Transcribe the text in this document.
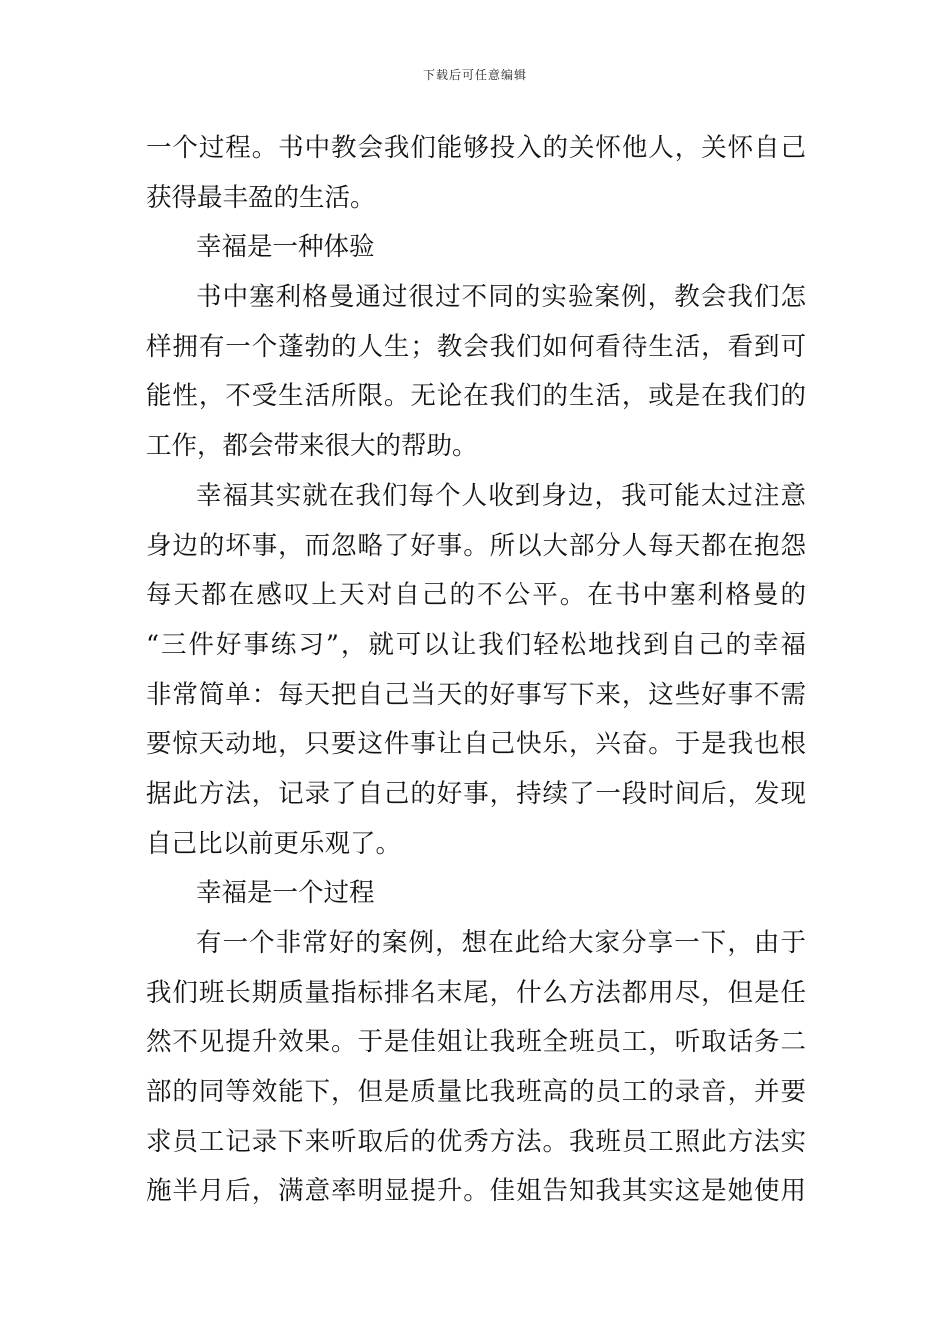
下载后可任意编辑
一个过程。书中教会我们能够投入的关怀他人，关怀自己
获得最丰盈的生活。
幸福是一种体验
书中塞利格曼通过很过不同的实验案例，教会我们怎
样拥有一个蓬勃的人生；教会我们如何看待生活，看到可
能性，不受生活所限。无论在我们的生活，或是在我们的
工作，都会带来很大的帮助。
幸福其实就在我们每个人收到身边，我可能太过注意
身边的坏事，而忽略了好事。所以大部分人每天都在抱怨
每天都在感叹上天对自己的不公平。在书中塞利格曼的
“三件好事练习”，就可以让我们轻松地找到自己的幸福
非常简单：每天把自己当天的好事写下来，这些好事不需
要惊天动地，只要这件事让自己快乐，兴奋。于是我也根
据此方法，记录了自己的好事，持续了一段时间后，发现
自己比以前更乐观了。
幸福是一个过程
有一个非常好的案例，想在此给大家分享一下，由于
我们班长期质量指标排名末尾，什么方法都用尽，但是任
然不见提升效果。于是佳姐让我班全班员工，听取话务二
部的同等效能下，但是质量比我班高的员工的录音，并要
求员工记录下来听取后的优秀方法。我班员工照此方法实
施半月后，满意率明显提升。佳姐告知我其实这是她使用
